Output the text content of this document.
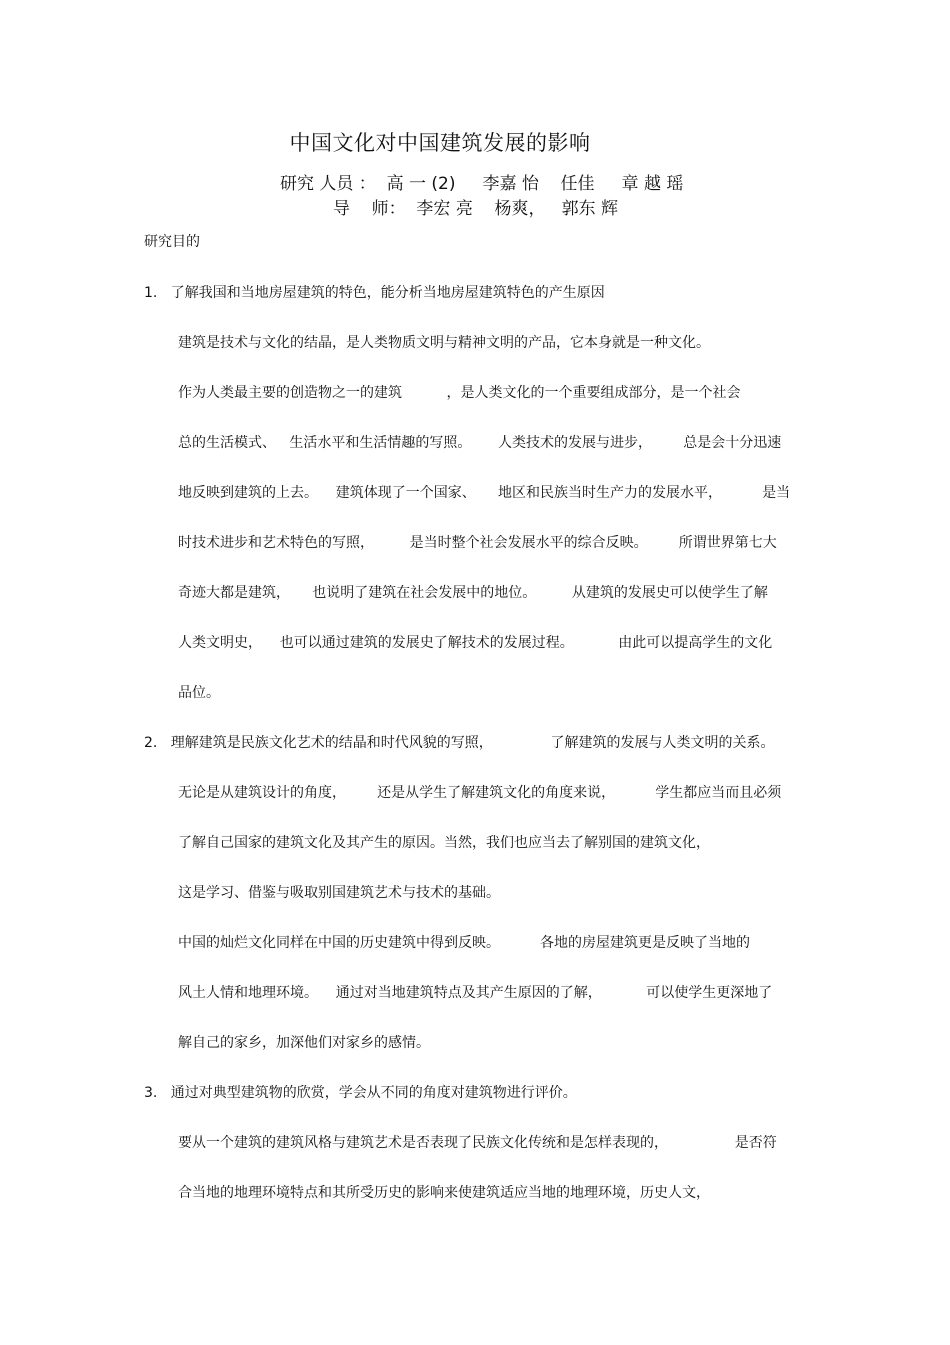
中国文化对中国建筑发展的影响
研究 人员 ：  高 一 (2)     李嘉 怡    任佳     章 越 瑶
导    师：  李宏 亮    杨爽，   郭东 辉
研究目的
1.   了解我国和当地房屋建筑的特色，能分析当地房屋建筑特色的产生原因
建筑是技术与文化的结晶，是人类物质文明与精神文明的产品，它本身就是一种文化。
作为人类最主要的创造物之一的建筑          ，是人类文化的一个重要组成部分，是一个社会
总的生活模式、   生活水平和生活情趣的写照。      人类技术的发展与进步，       总是会十分迅速
地反映到建筑的上去。    建筑体现了一个国家、     地区和民族当时生产力的发展水平，         是当
时技术进步和艺术特色的写照，        是当时整个社会发展水平的综合反映。       所谓世界第七大
奇迹大都是建筑，     也说明了建筑在社会发展中的地位。        从建筑的发展史可以使学生了解
人类文明史，    也可以通过建筑的发展史了解技术的发展过程。          由此可以提高学生的文化
品位。
2.   理解建筑是民族文化艺术的结晶和时代风貌的写照，             了解建筑的发展与人类文明的关系。
无论是从建筑设计的角度，       还是从学生了解建筑文化的角度来说，         学生都应当而且必须
了解自己国家的建筑文化及其产生的原因。当然，我们也应当去了解别国的建筑文化，
这是学习、借鉴与吸取别国建筑艺术与技术的基础。
中国的灿烂文化同样在中国的历史建筑中得到反映。         各地的房屋建筑更是反映了当地的
风土人情和地理环境。    通过对当地建筑特点及其产生原因的了解，          可以使学生更深地了
解自己的家乡，加深他们对家乡的感情。
3.   通过对典型建筑物的欣赏，学会从不同的角度对建筑物进行评价。
要从一个建筑的建筑风格与建筑艺术是否表现了民族文化传统和是怎样表现的，               是否符
合当地的地理环境特点和其所受历史的影响来使建筑适应当地的地理环境，历史人文，
